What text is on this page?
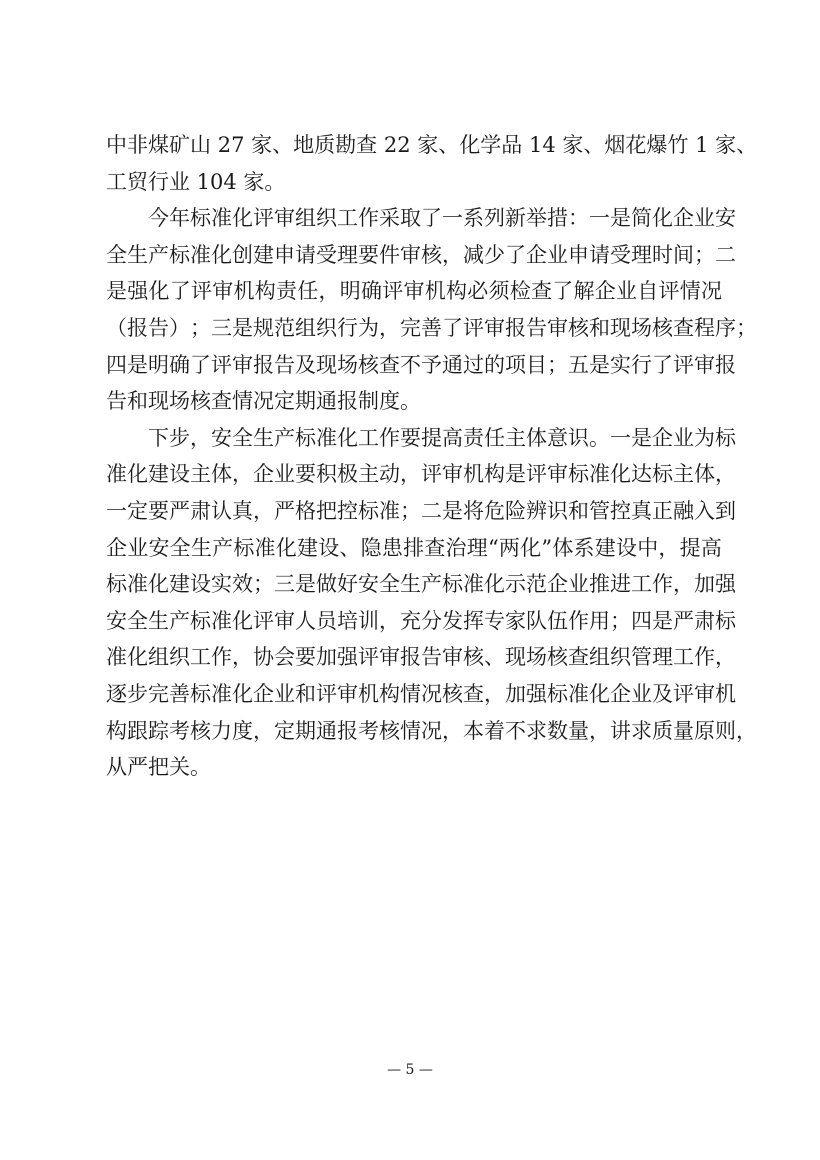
中 非 煤 矿 山
2 7
家 、 地 质 勘 查
2 2
家 、 化 学 品
1 4
家 、 烟 花 爆 竹
1
家 、
工贸行业 104 家。
今 年 标 准 化 评 审 组 织 工 作 采 取 了 一 系 列 新 举 措 ： 一 是 简 化 企 业 安
全 生 产 标 准 化 创 建 申 请 受 理 要 件 审 核 ， 减 少 了 企 业 申 请 受 理 时 间 ； 二
是 强 化 了 评 审 机 构 责 任 ， 明 确 评 审 机 构 必 须 检 查 了 解 企 业 自 评 情 况
（ 报 告 ） ； 三 是 规 范 组 织 行 为 ， 完 善 了 评 审 报 告 审 核 和 现 场 核 查 程 序 ；
四 是 明 确 了 评 审 报 告 及 现 场 核 查 不 予 通 过 的 项 目 ； 五 是 实 行 了 评 审 报
告和现场核查情况定期通报制度。
下 步 ， 安 全 生 产 标 准 化 工 作 要 提 高 责 任 主 体 意 识 。 一 是 企 业 为 标
准 化 建 设 主 体 ， 企 业 要 积 极 主 动 ， 评 审 机 构 是 评 审 标 准 化 达 标 主 体 ，
一 定 要 严 肃 认 真 ， 严 格 把 控 标 准 ； 二 是 将 危 险 辨 识 和 管 控 真 正 融 入 到
企 业 安 全 生 产 标 准 化 建 设 、 隐 患 排 查 治 理 “ 两 化 ” 体 系 建 设 中 ， 提 高
标 准 化 建 设 实 效 ； 三 是 做 好 安 全 生 产 标 准 化 示 范 企 业 推 进 工 作 ， 加 强
安 全 生 产 标 准 化 评 审 人 员 培 训 ， 充 分 发 挥 专 家 队 伍 作 用 ； 四 是 严 肃 标
准 化 组 织 工 作 ， 协 会 要 加 强 评 审 报 告 审 核 、 现 场 核 查 组 织 管 理 工 作 ，
逐 步 完 善 标 准 化 企 业 和 评 审 机 构 情 况 核 查 ， 加 强 标 准 化 企 业 及 评 审 机
构 跟 踪 考 核 力 度 ， 定 期 通 报 考 核 情 况 ， 本 着 不 求 数 量 ， 讲 求 质 量 原 则 ，
从严把关。
— 5 —
